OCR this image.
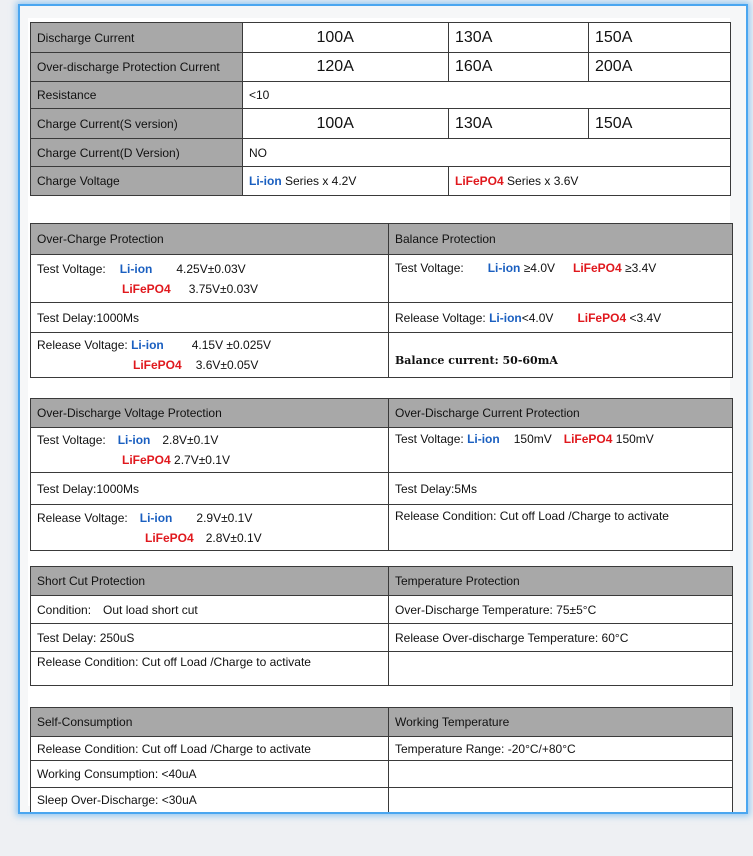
Discharge Current		100A	130A	150A
Over-discharge Protection Current		120A	160A	200A
Resistance	<10			
Charge Current(S version)		100A	130A	150A
Charge Current(D Version)	NO			
Charge Voltage	Li-ion Series x 4.2V		LiFePO4 Series x 3.6V	
Over-Charge Protection	Balance Protection

Test Voltage: Li-ion 4.25V±0.03V
LiFePO4 3.75V±0.03V	Test Voltage: Li-ion ≥4.0V LiFePO4 ≥3.4V
Test Delay:1000Ms	Release Voltage: Li-ion<4.0V LiFePO4 <3.4V

Release Voltage: Li-ion 4.15V ±0.025V
LiFePO4 3.6V±0.05V	Balance current: 50-60mA
Over-Discharge Voltage Protection	Over-Discharge Current Protection

Test Voltage: Li-ion 2.8V±0.1V
LiFePO4 2.7V±0.1V	Test Voltage: Li-ion 150mV LiFePO4 150mV
Test Delay:1000Ms	Test Delay:5Ms

Release Voltage: Li-ion 2.9V±0.1V
LiFePO4 2.8V±0.1V	Release Condition: Cut off Load /Charge to activate
Short Cut Protection	Temperature Protection
Condition: Out load short cut	Over-Discharge Temperature: 75±5°C
Test Delay: 250uS	Release Over-discharge Temperature: 60°C
Release Condition: Cut off Load /Charge to activate	
Self-Consumption	Working Temperature
Release Condition: Cut off Load /Charge to activate	Temperature Range: -20°C/+80°C
Working Consumption: <40uA	
Sleep Over-Discharge: <30uA	
